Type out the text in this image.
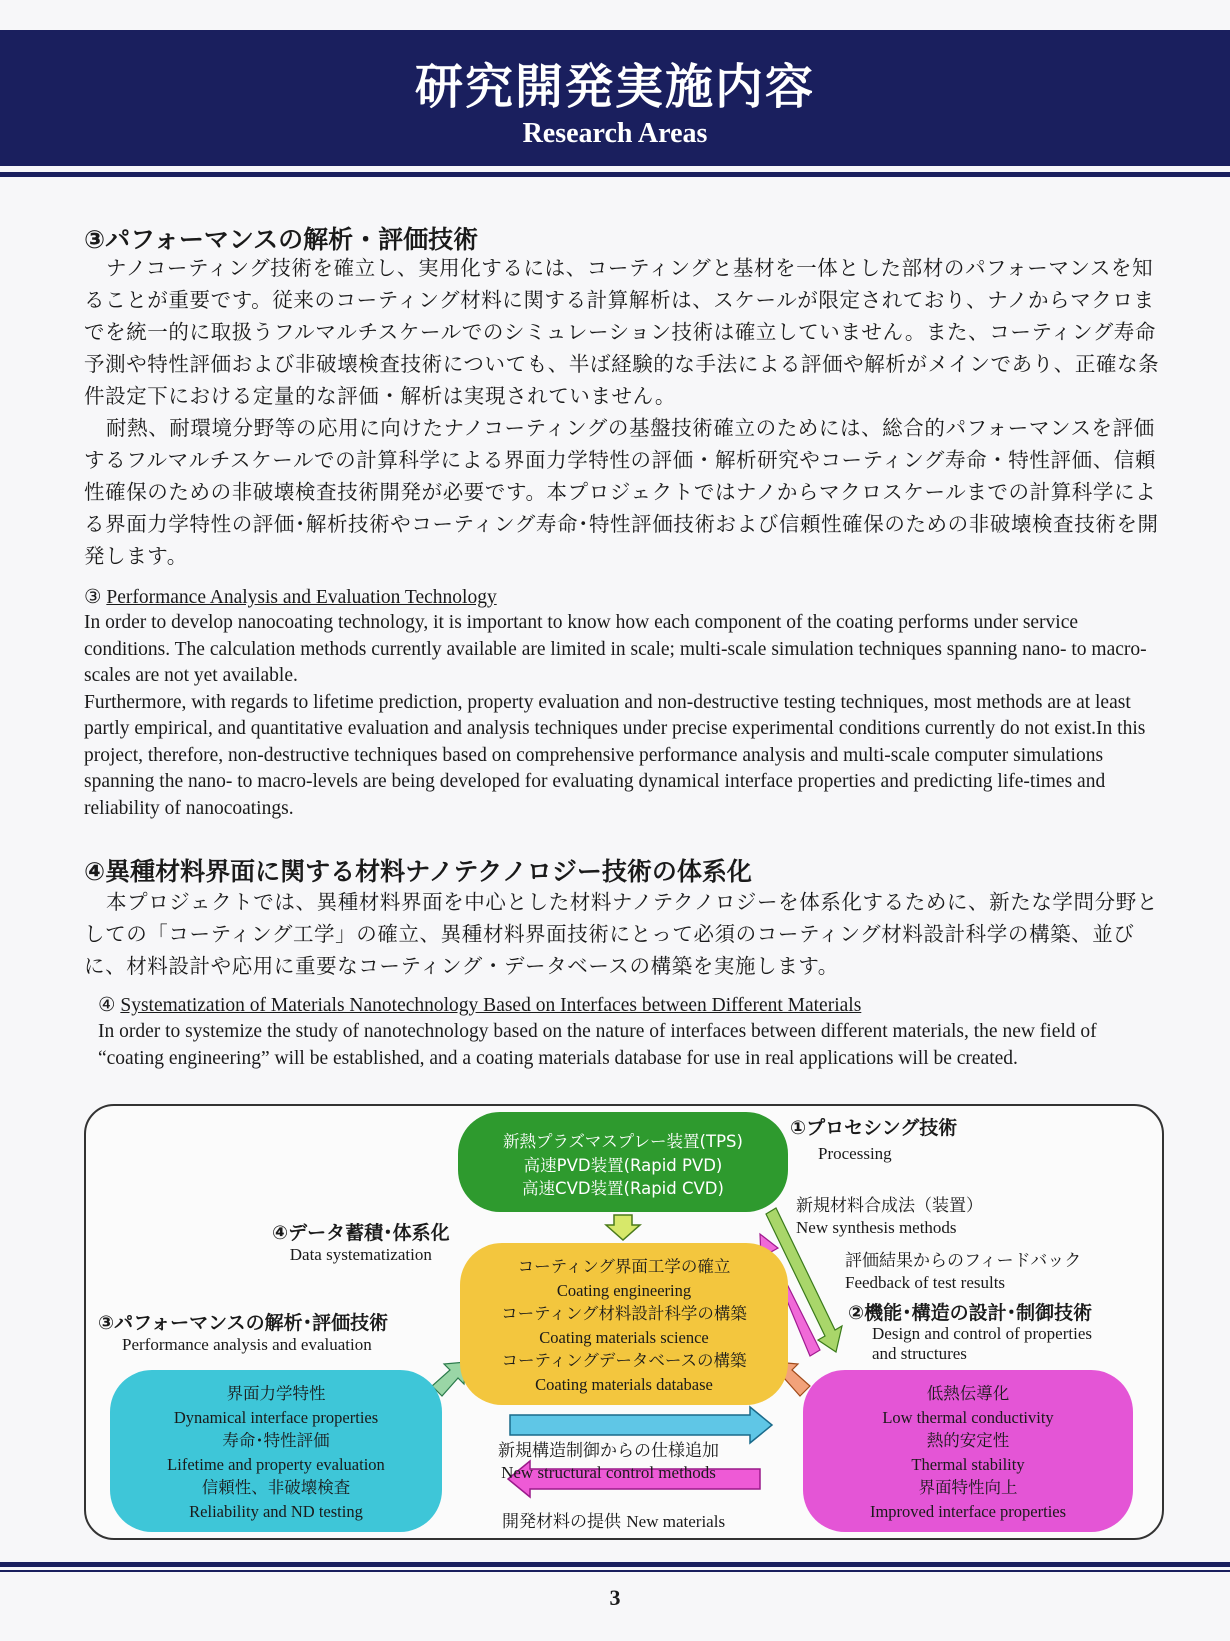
研究開発実施内容
Research Areas
③パフォーマンスの解析・評価技術

ナノコーティング技術を確立し、実用化するには、コーティングと基材を一体とした部材のパフォーマンスを知ることが重要です。従来のコーティング材料に関する計算解析は、スケールが限定されており、ナノからマクロまでを統一的に取扱うフルマルチスケールでのシミュレーション技術は確立していません。また、コーティング寿命予測や特性評価および非破壊検査技術についても、半ば経験的な手法による評価や解析がメインであり、正確な条件設定下における定量的な評価・解析は実現されていません。

耐熱、耐環境分野等の応用に向けたナノコーティングの基盤技術確立のためには、総合的パフォーマンスを評価するフルマルチスケールでの計算科学による界面力学特性の評価・解析研究やコーティング寿命・特性評価、信頼性確保のための非破壊検査技術開発が必要です。本プロジェクトではナノからマクロスケールまでの計算科学による界面力学特性の評価･解析技術やコーティング寿命･特性評価技術および信頼性確保のための非破壊検査技術を開発します。

③ Performance Analysis and Evaluation Technology

In order to develop nanocoating technology, it is important to know how each component of the coating performs under service conditions. The calculation methods currently available are limited in scale; multi-scale simulation techniques spanning nano- to macro-scales are not yet available.

Furthermore, with regards to lifetime prediction, property evaluation and non-destructive testing techniques, most methods are at least partly empirical, and quantitative evaluation and analysis techniques under precise experimental conditions currently do not exist.In this project, therefore, non-destructive techniques based on comprehensive performance analysis and multi-scale computer simulations spanning the nano- to macro-levels are being developed for evaluating dynamical interface properties and predicting life-times and reliability of nanocoatings.

④異種材料界面に関する材料ナノテクノロジー技術の体系化

本プロジェクトでは、異種材料界面を中心とした材料ナノテクノロジーを体系化するために、新たな学問分野としての「コーティング工学」の確立、異種材料界面技術にとって必須のコーティング材料設計科学の構築、並びに、材料設計や応用に重要なコーティング・データベースの構築を実施します。

④ Systematization of Materials Nanotechnology Based on Interfaces between Different Materials

In order to systemize the study of nanotechnology based on the nature of interfaces between different materials, the new field of “coating engineering” will be established, and a coating materials database for use in real applications will be created.

新熱プラズマスプレー装置(TPS)
高速PVD装置(Rapid PVD)
高速CVD装置(Rapid CVD)
コーティング界面工学の確立
Coating engineering
コーティング材料設計科学の構築
Coating materials science
コーティングデータベースの構築
Coating materials database
界面力学特性
Dynamical interface properties
寿命･特性評価
Lifetime and property evaluation
信頼性、非破壊検査
Reliability and ND testing
低熱伝導化
Low thermal conductivity
熱的安定性
Thermal stability
界面特性向上
Improved interface properties
①プロセシング技術
Processing
新規材料合成法（装置）
New synthesis methods
評価結果からのフィードバック
Feedback of test results
②機能･構造の設計･制御技術
Design and control of properties
and structures
④データ蓄積･体系化
Data systematization
③パフォーマンスの解析･評価技術
Performance analysis and evaluation
新規構造制御からの仕様追加
New structural control methods
開発材料の提供 New materials
3
